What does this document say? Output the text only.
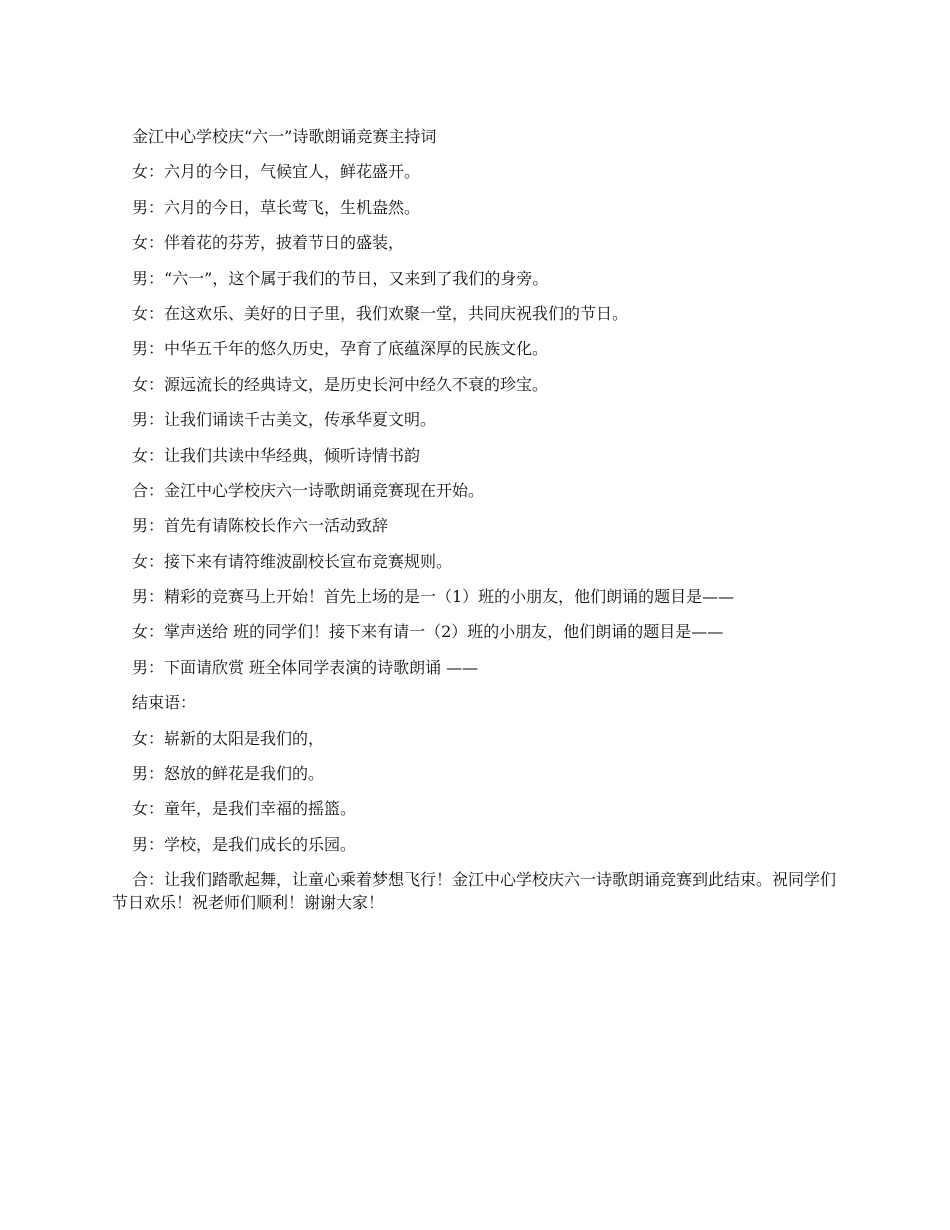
金江中心学校庆“六一”诗歌朗诵竞赛主持词

女：六月的今日，气候宜人，鲜花盛开。

男：六月的今日，草长莺飞，生机盎然。

女：伴着花的芬芳，披着节日的盛装，

男：“六一”，这个属于我们的节日，又来到了我们的身旁。

女：在这欢乐、美好的日子里，我们欢聚一堂，共同庆祝我们的节日。

男：中华五千年的悠久历史，孕育了底蕴深厚的民族文化。

女：源远流长的经典诗文，是历史长河中经久不衰的珍宝。

男：让我们诵读千古美文，传承华夏文明。

女：让我们共读中华经典，倾听诗情书韵

合：金江中心学校庆六一诗歌朗诵竞赛现在开始。

男：首先有请陈校长作六一活动致辞

女：接下来有请符维波副校长宣布竞赛规则。

男：精彩的竞赛马上开始！首先上场的是一（1）班的小朋友，他们朗诵的题目是——

女：掌声送给 班的同学们！接下来有请一（2）班的小朋友，他们朗诵的题目是——

男：下面请欣赏 班全体同学表演的诗歌朗诵 ——

结束语：

女：崭新的太阳是我们的，

男：怒放的鲜花是我们的。

女：童年，是我们幸福的摇篮。

男：学校，是我们成长的乐园。

合：让我们踏歌起舞，让童心乘着梦想飞行！金江中心学校庆六一诗歌朗诵竞赛到此结束。祝同学们节日欢乐！祝老师们顺利！谢谢大家！
